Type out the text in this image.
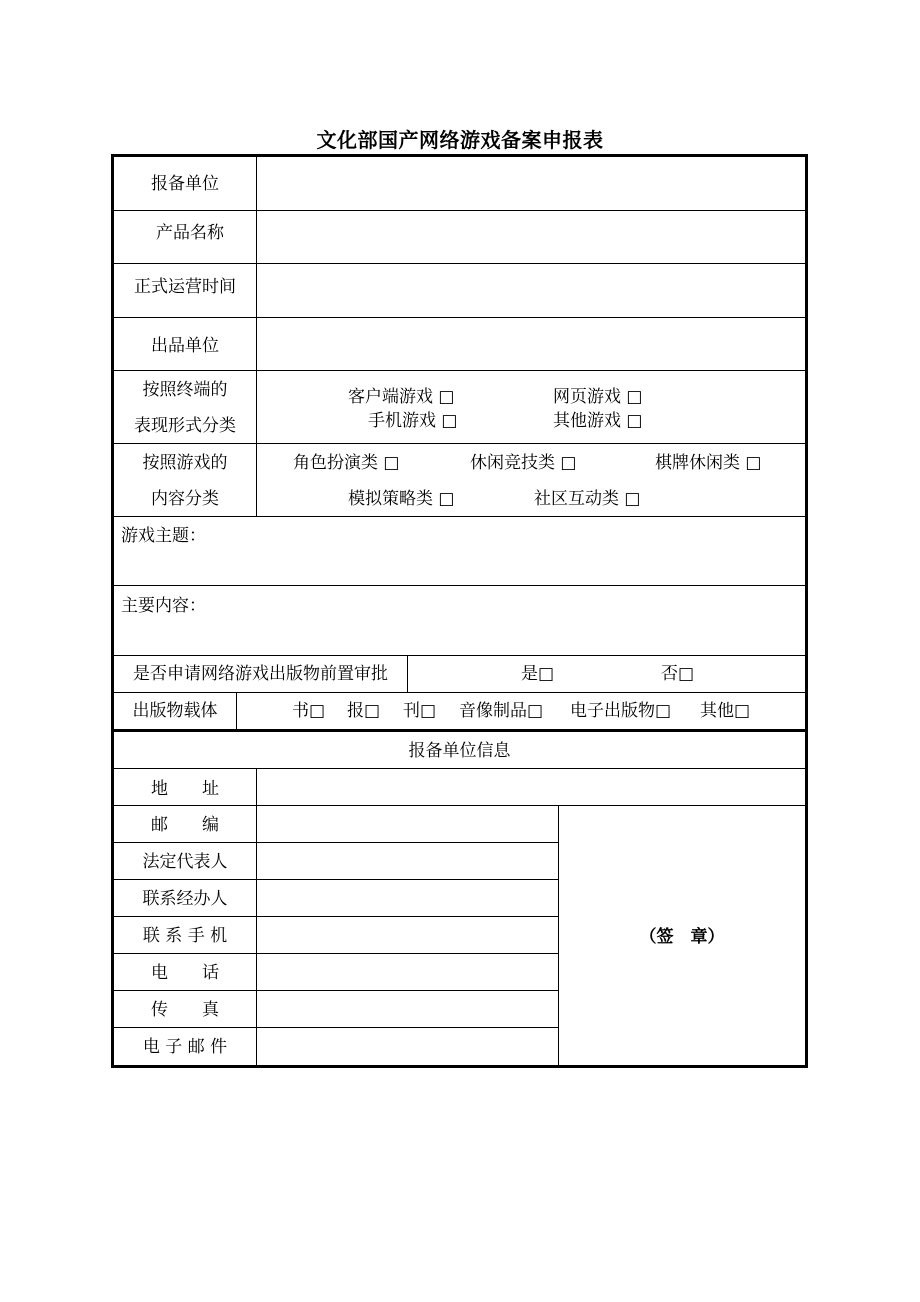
文化部国产网络游戏备案申报表
报备单位
产品名称
正式运营时间
出品单位
按照终端的
表现形式分类
客户端游戏 □	网页游戏 □
手机游戏 □	其他游戏 □
按照游戏的
内容分类
角色扮演类 □	休闲竞技类 □	棋牌休闲类 □
模拟策略类 □	社区互动类 □
游戏主题：
主要内容：
是否申请网络游戏出版物前置审批	是□	否□
出版物载体	书□ 报□ 刊□ 音像制品□ 电子出版物□ 其他□
报备单位信息
地　　址
邮　　编
法定代表人
联系经办人
联 系 手 机
电　　话
传　　真
电 子 邮 件
（签　章）
